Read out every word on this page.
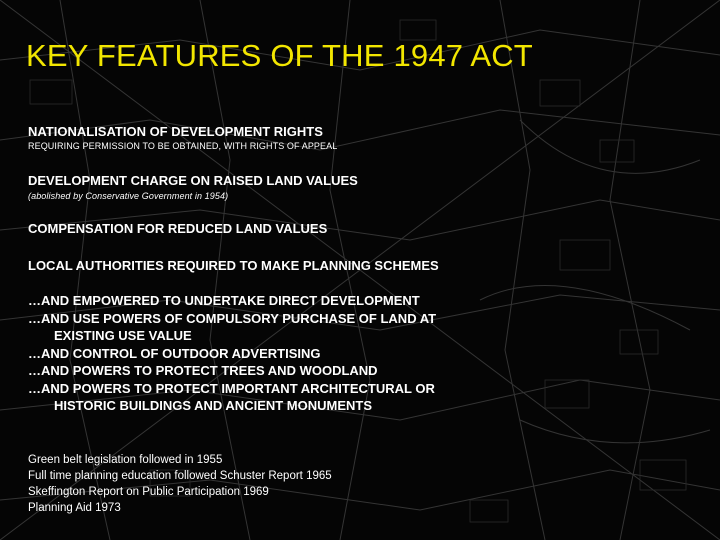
KEY FEATURES OF THE 1947 ACT
NATIONALISATION OF DEVELOPMENT RIGHTS

REQUIRING PERMISSION TO BE OBTAINED, WITH RIGHTS OF APPEAL

DEVELOPMENT CHARGE ON RAISED LAND VALUES

(abolished by Conservative Government in 1954)

COMPENSATION FOR REDUCED LAND VALUES
LOCAL AUTHORITIES REQUIRED TO MAKE PLANNING SCHEMES
…AND EMPOWERED TO UNDERTAKE DIRECT DEVELOPMENT
…AND USE POWERS OF COMPULSORY PURCHASE OF LAND AT
EXISTING USE VALUE
…AND CONTROL OF OUTDOOR ADVERTISING
…AND POWERS TO PROTECT TREES AND WOODLAND
…AND POWERS TO PROTECT IMPORTANT ARCHITECTURAL OR
HISTORIC BUILDINGS AND ANCIENT MONUMENTS
Green belt legislation followed in 1955
Full time planning education followed Schuster Report 1965
Skeffington Report on Public Participation 1969
Planning Aid 1973
